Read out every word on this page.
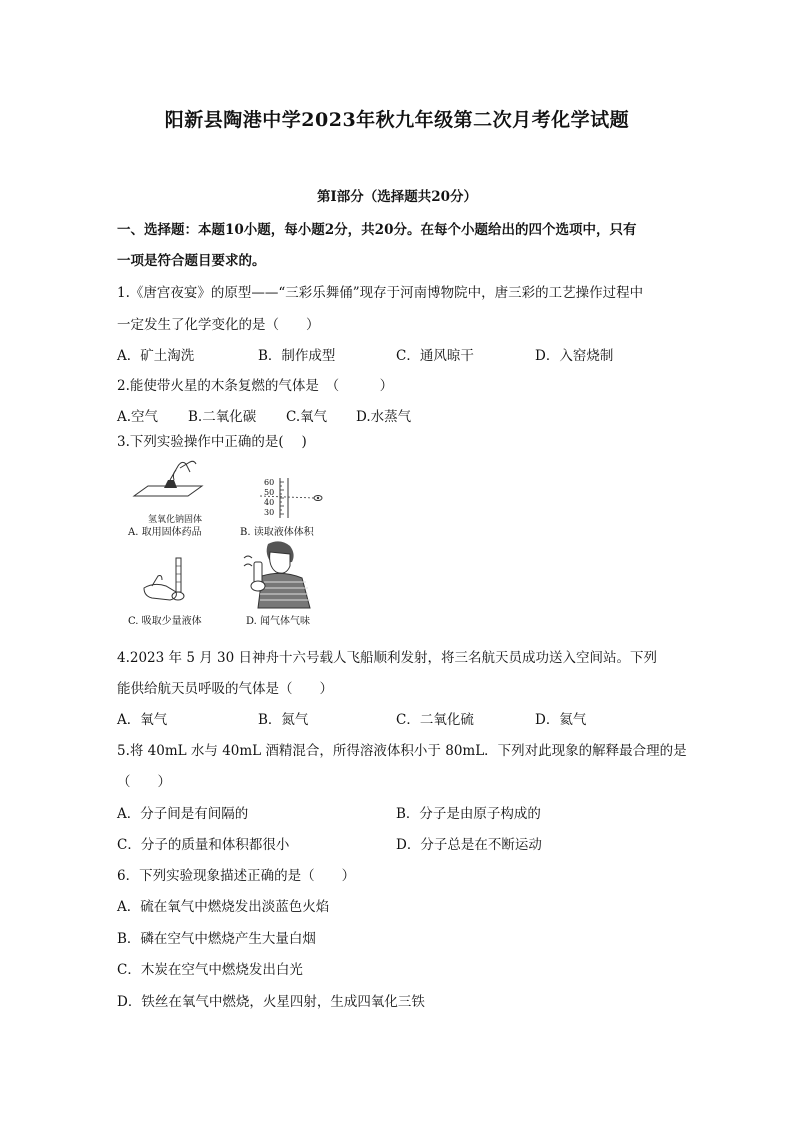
阳新县陶港中学2023年秋九年级第二次月考化学试题
第Ⅰ部分（选择题共20分）
一、选择题：本题10小题，每小题2分，共20分。在每个小题给出的四个选项中，只有
一项是符合题目要求的。
1.《唐宫夜宴》的原型——“三彩乐舞俑”现存于河南博物院中，唐三彩的工艺操作过程中
一定发生了化学变化的是（　　）
A．矿土淘洗	B．制作成型	C．通风晾干	D．入窑烧制
2.能使带火星的木条复燃的气体是　（　　　）
A.空气 B.二氧化碳 C.氧气 D.水蒸气
3.下列实验操作中正确的是(　 )
氢氧化钠固体
A. 取用固体药品
60
50
40
30
B. 读取液体体积
C. 吸取少量液体	D. 闻气体气味
4.2023 年 5 月 30 日神舟十六号载人飞船顺利发射，将三名航天员成功送入空间站。下列
能供给航天员呼吸的气体是（　　）
A．氧气	B．氮气	C．二氧化硫	D．氦气
5.将 40mL 水与 40mL 酒精混合，所得溶液体积小于 80mL．下列对此现象的解释最合理的是
（　　）
A．分子间是有间隔的	B．分子是由原子构成的
C．分子的质量和体积都很小	D．分子总是在不断运动
6．下列实验现象描述正确的是（　　）
A．硫在氧气中燃烧发出淡蓝色火焰
B．磷在空气中燃烧产生大量白烟
C．木炭在空气中燃烧发出白光
D．铁丝在氧气中燃烧，火星四射，生成四氧化三铁
